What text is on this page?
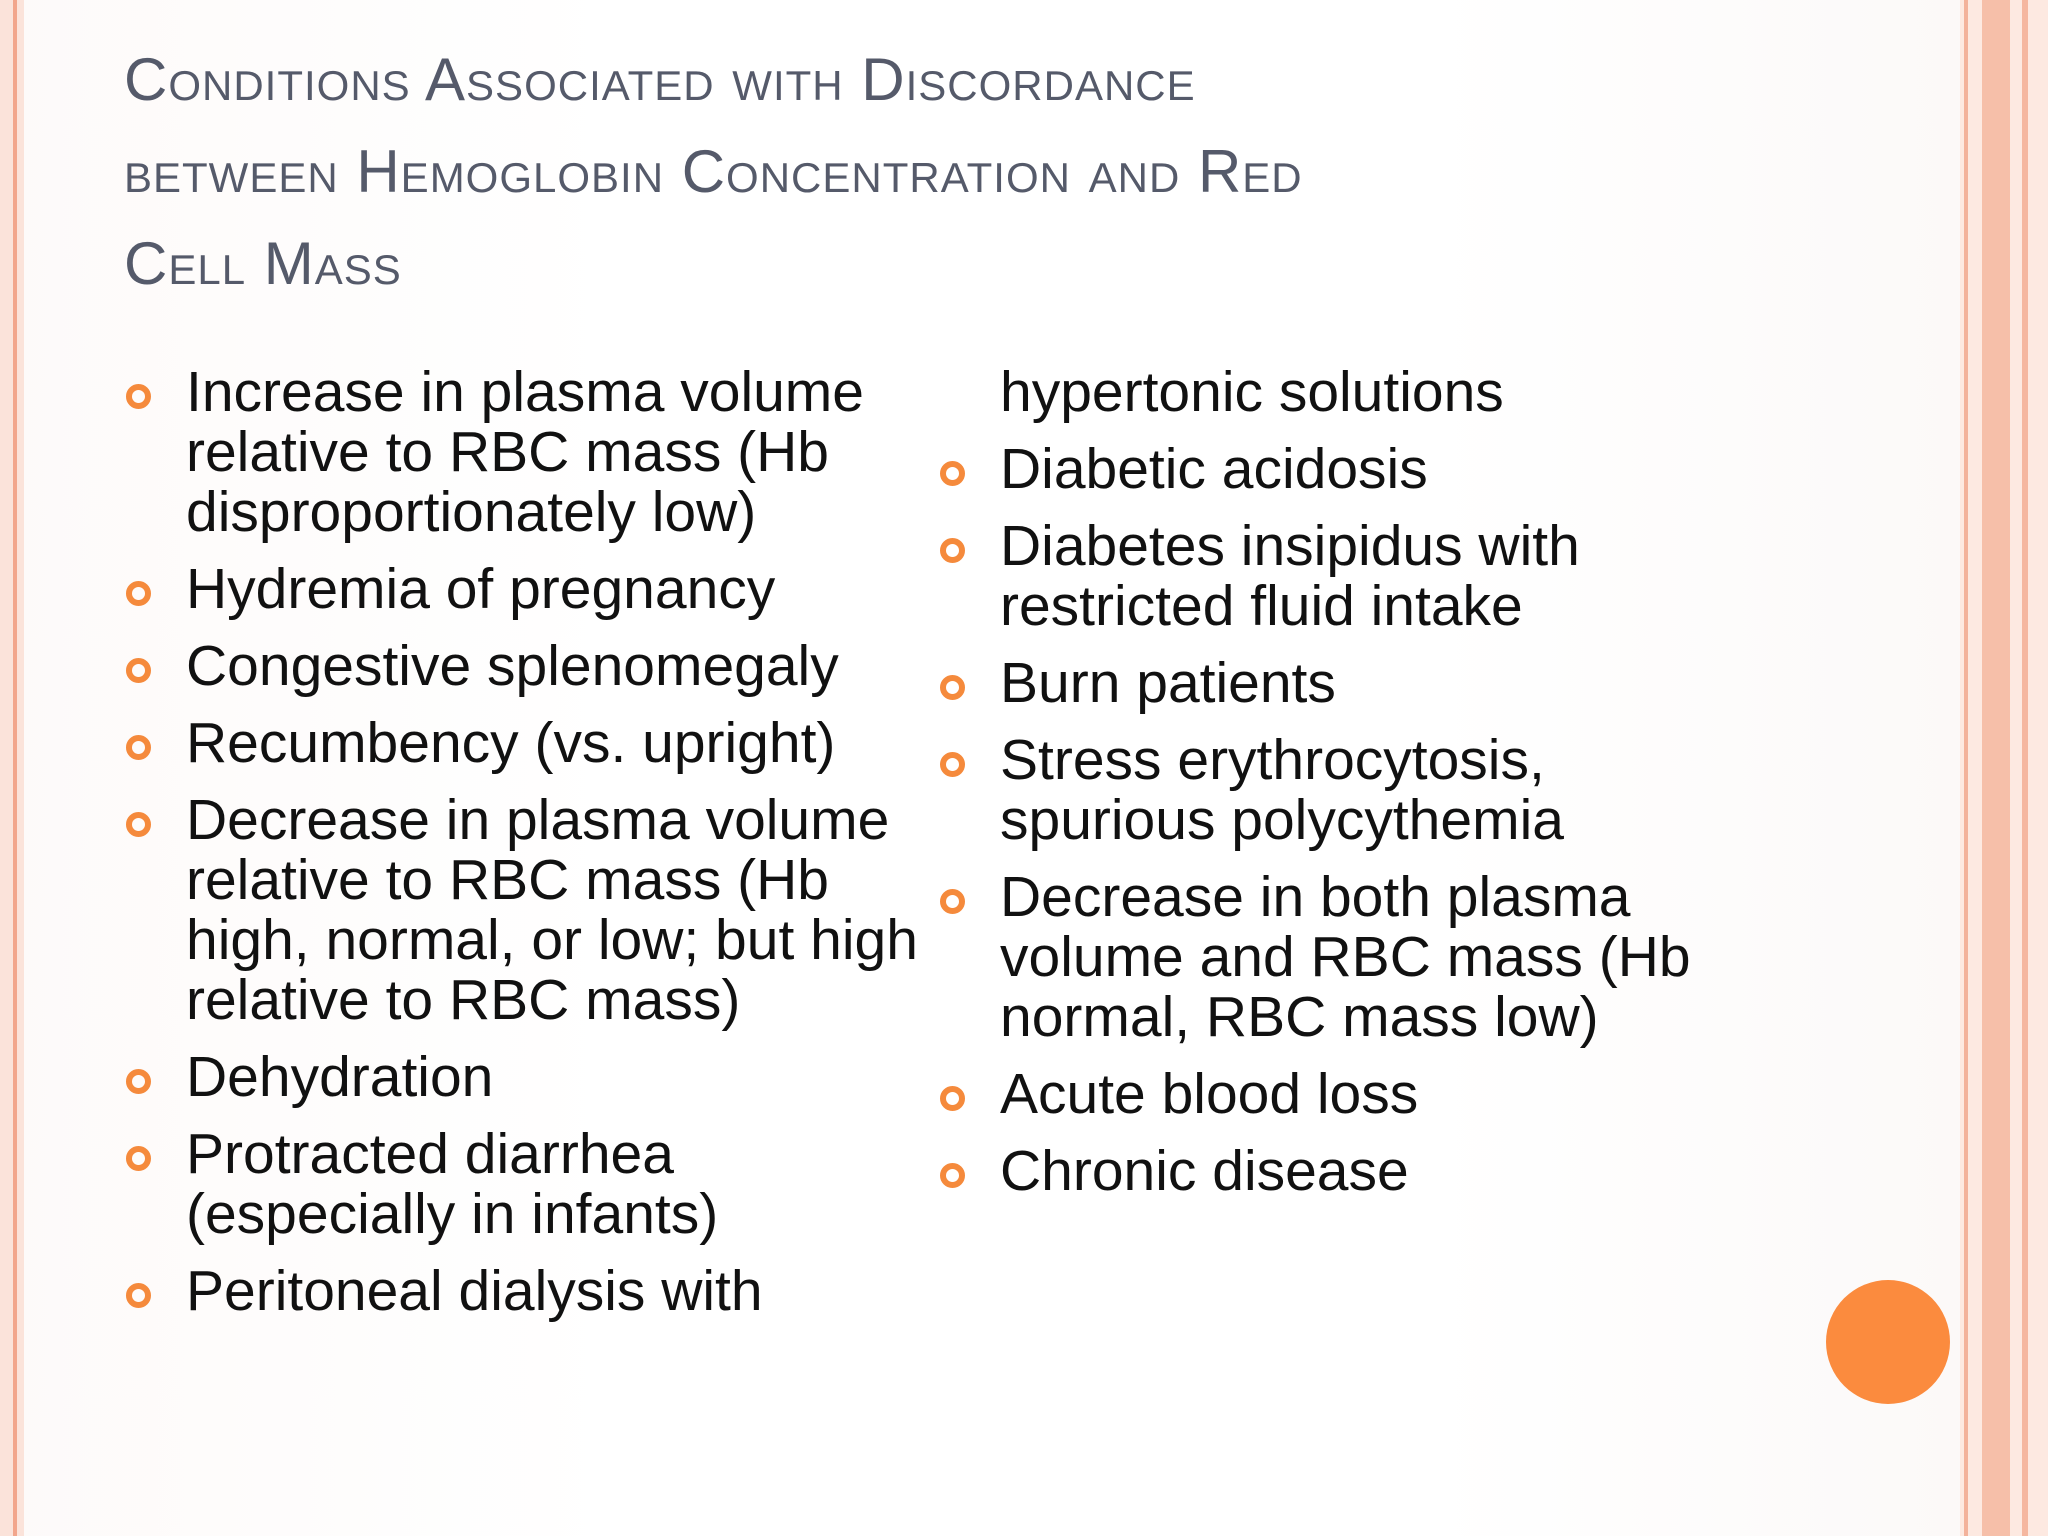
Conditions Associated with Discordance
between Hemoglobin Concentration and Red
Cell Mass
Increase in plasma volume relative to RBC mass (Hb disproportionately low)
Hydremia of pregnancy
Congestive splenomegaly
Recumbency (vs. upright)
Decrease in plasma volume relative to RBC mass (Hb high, normal, or low; but high relative to RBC mass)
Dehydration
Protracted diarrhea (especially in infants)
Peritoneal dialysis with
hypertonic solutions
Diabetic acidosis
Diabetes insipidus with restricted fluid intake
Burn patients
Stress erythrocytosis, spurious polycythemia
Decrease in both plasma volume and RBC mass (Hb normal, RBC mass low)
Acute blood loss
Chronic disease
